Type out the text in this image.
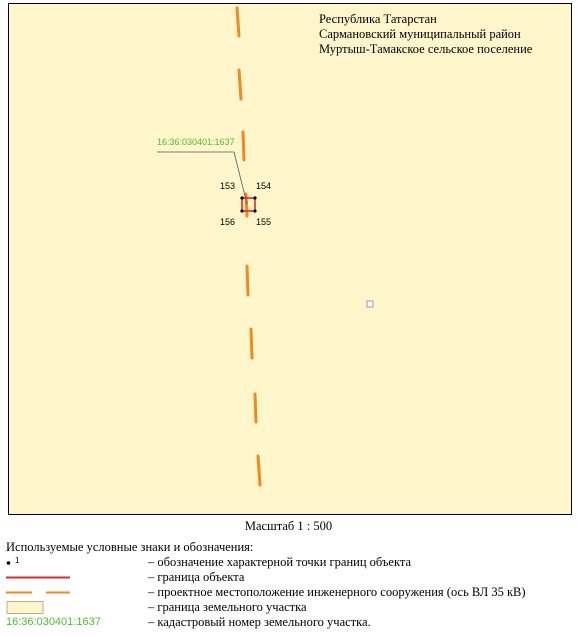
16:36:030401:1637
153 154
156 155
Республика Татарстан
Сармановский муниципальный район
Муртыш-Тамакское сельское поселение
Масштаб 1 : 500
Используемые условные знаки и обозначения:
1	– обозначение характерной точки границ объекта
– граница объекта
– проектное местоположение инженерного сооружения (ось ВЛ 35 кВ)
– граница земельного участка
16:36:030401:1637	– кадастровый номер земельного участка.
